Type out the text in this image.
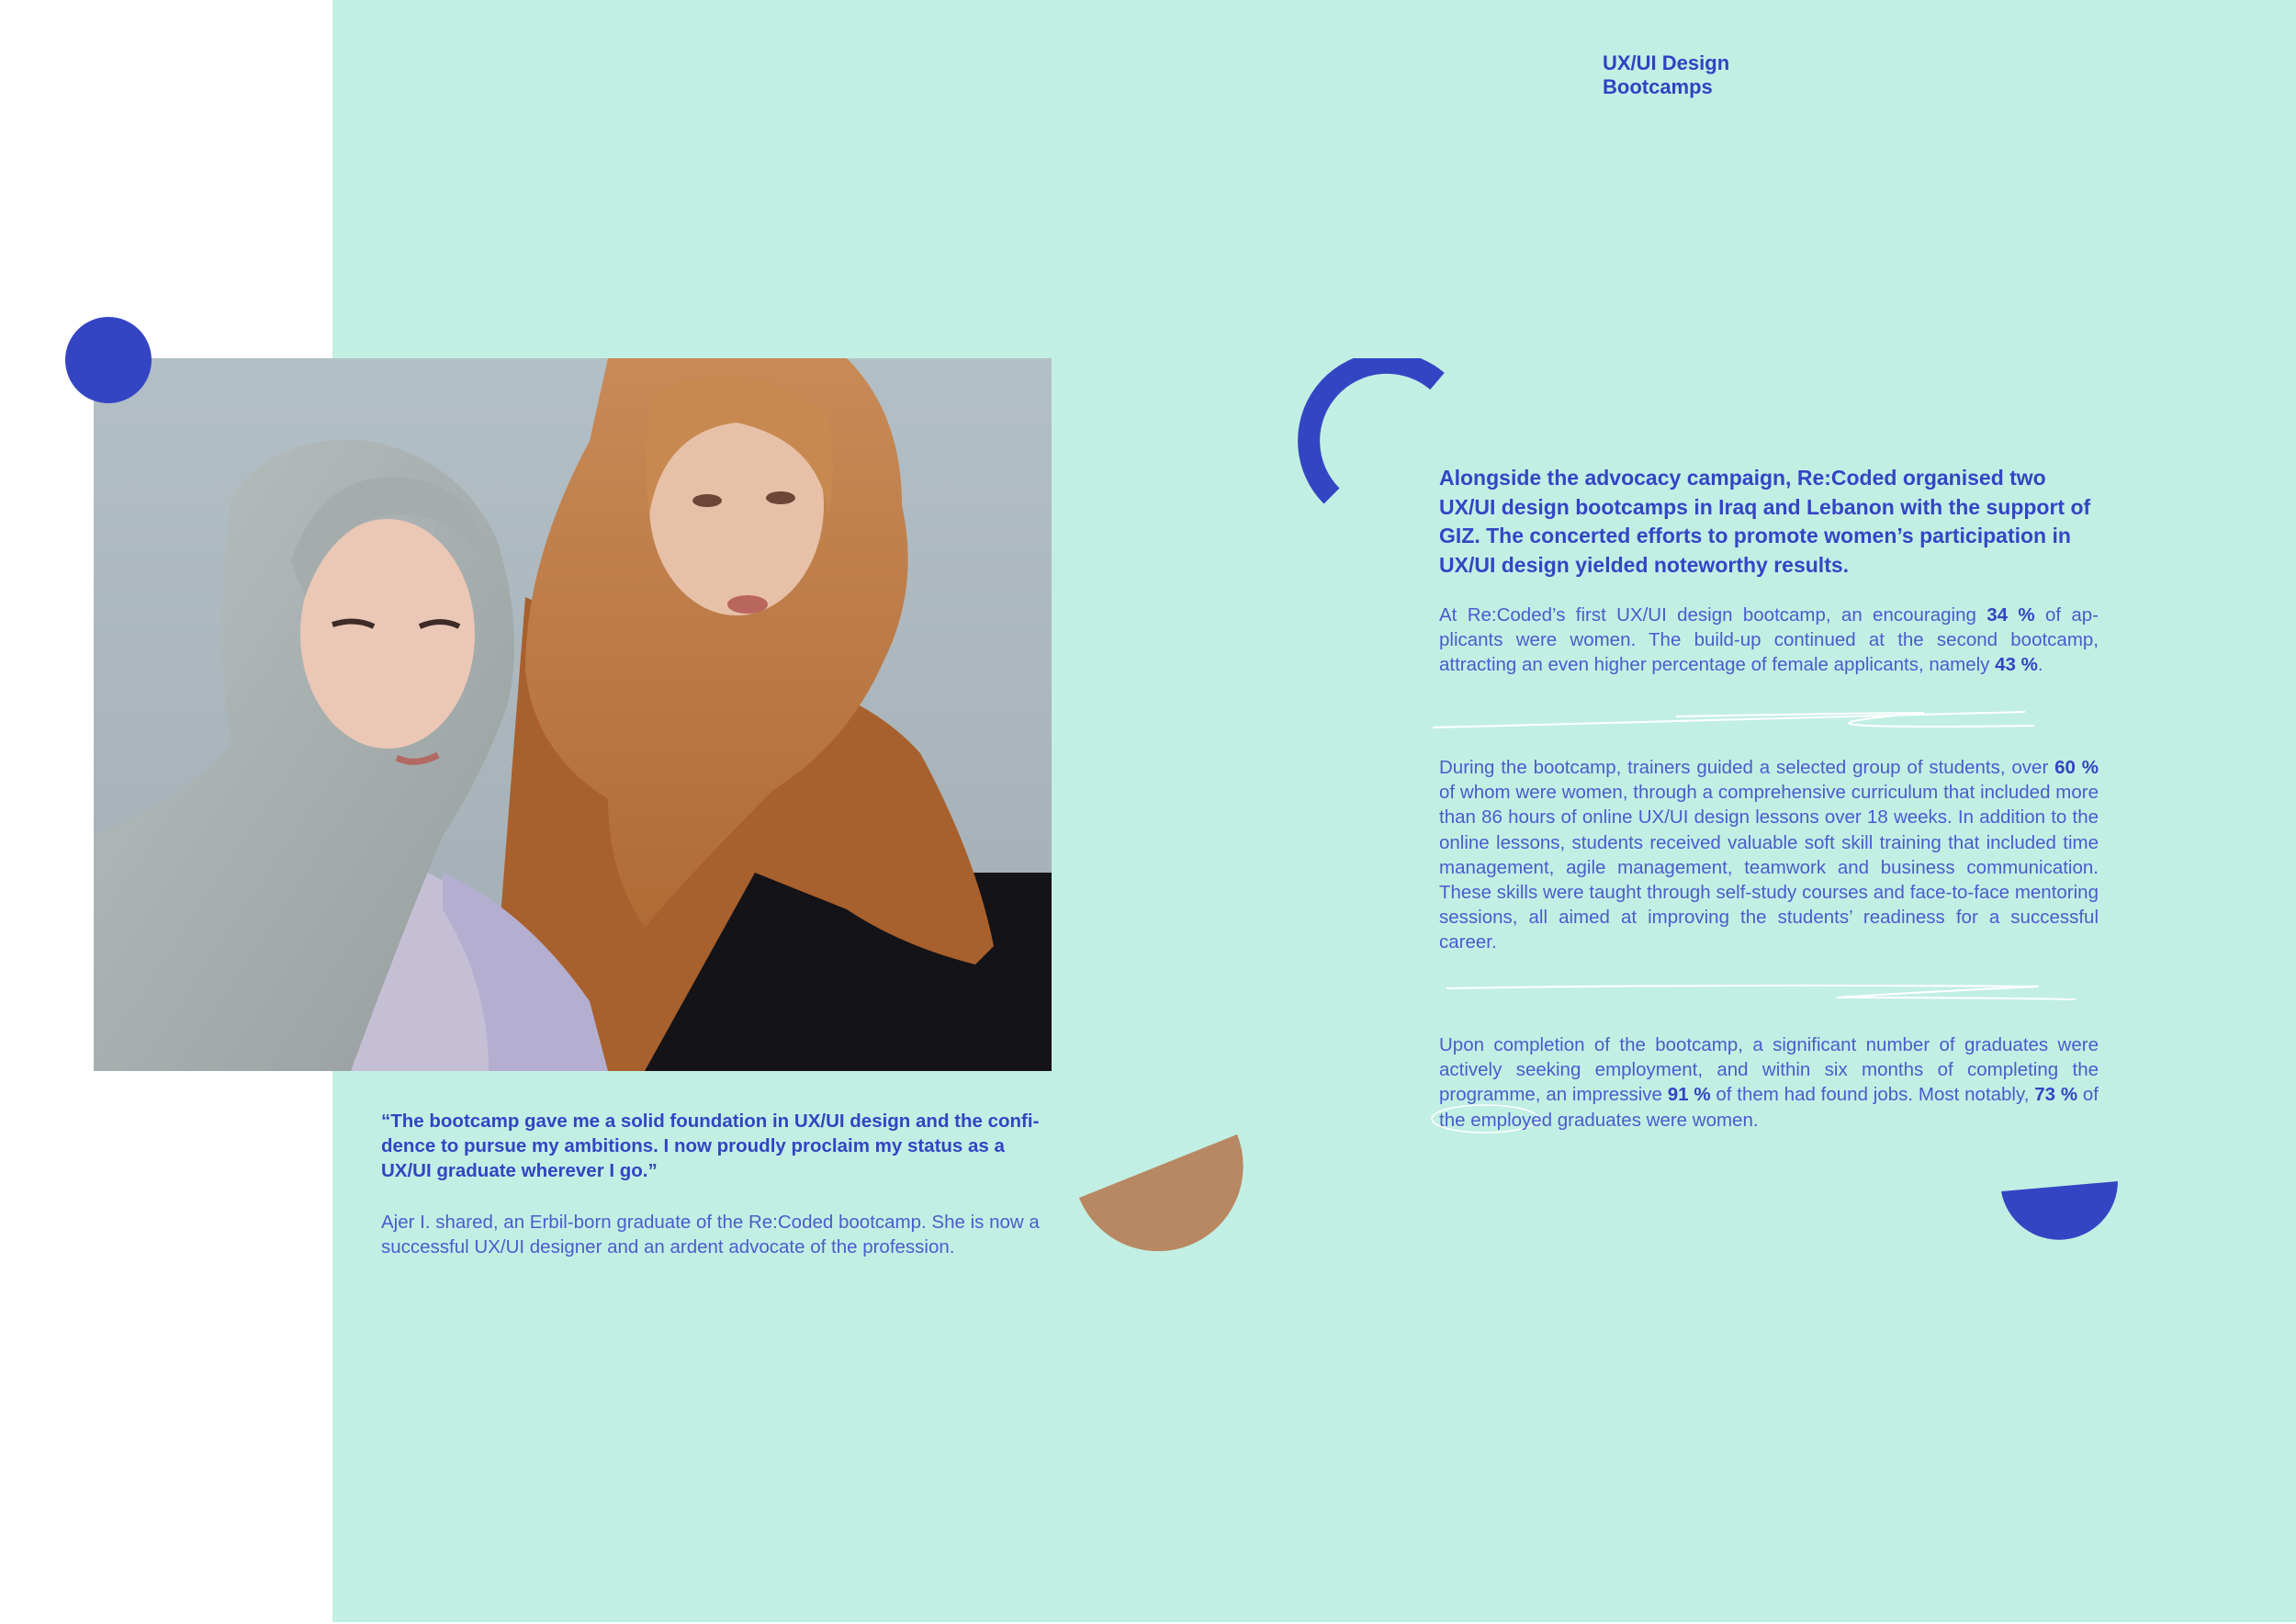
UX/UI Design Bootcamps
“The bootcamp gave me a solid foundation in UX/UI design and the confi-dence to pursue my ambitions. I now proudly proclaim my status as a UX/UI graduate wherever I go.”
Ajer I. shared, an Erbil-born graduate of the Re:Coded bootcamp. She is now a successful UX/UI designer and an ardent advocate of the profession.
Alongside the advocacy campaign, Re:Coded organised two UX/UI design bootcamps in Iraq and Lebanon with the support of GIZ. The concerted efforts to promote women’s participation in UX/UI design yielded noteworthy results.
At Re:Coded’s first UX/UI design bootcamp, an encouraging 34 % of ap-plicants were women. The build-up continued at the second bootcamp, attracting an even higher percentage of female applicants, namely 43 %.
During the bootcamp, trainers guided a selected group of students, over 60 % of whom were women, through a comprehensive curriculum that included more than 86 hours of online UX/UI design lessons over 18 weeks. In addition to the online lessons, students received valuable soft skill training that included time management, agile management, teamwork and business communication. These skills were taught through self-study courses and face-to-face mentoring sessions, all aimed at improving the students’ readiness for a successful career.
Upon completion of the bootcamp, a significant number of graduates were actively seeking employment, and within six months of completing the programme, an impressive 91 % of them had found jobs. Most notably, 73 % of the employed graduates were women.
